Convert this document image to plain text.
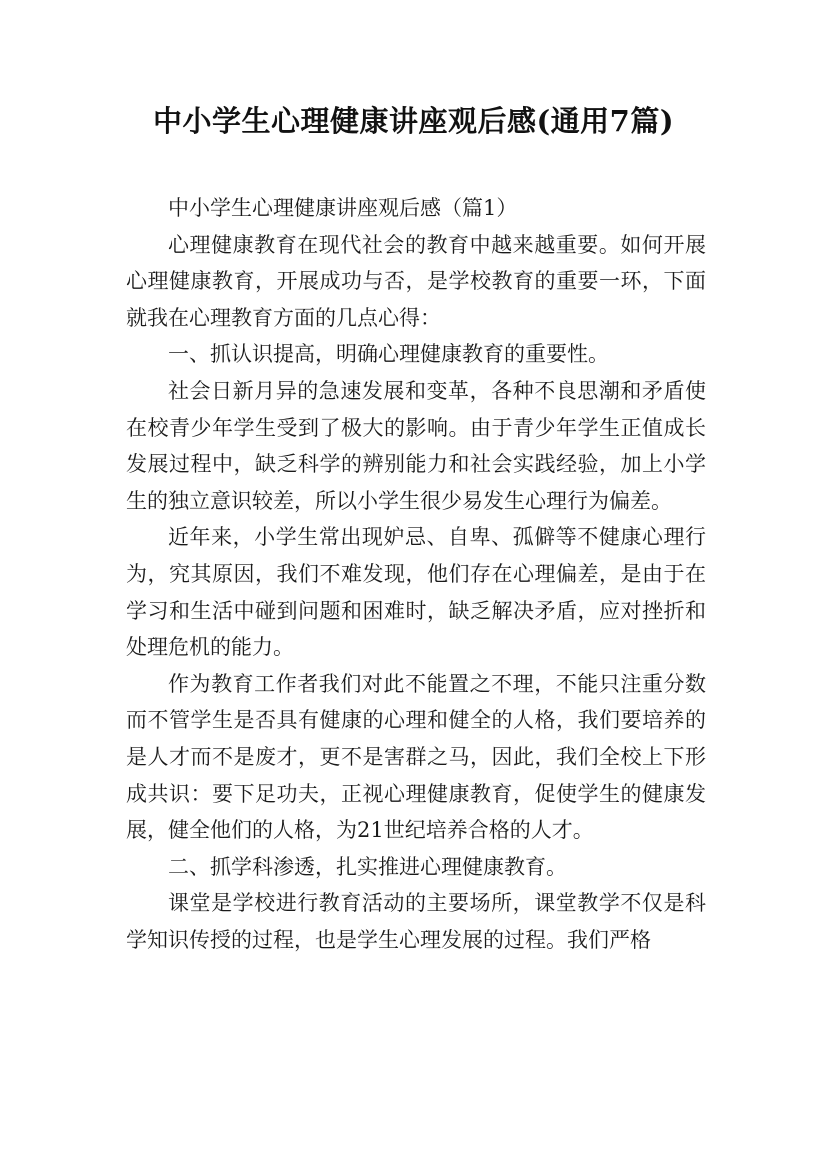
中小学生心理健康讲座观后感(通用7篇)

中小学生心理健康讲座观后感（篇1）

心理健康教育在现代社会的教育中越来越重要。如何开展心理健康教育，开展成功与否，是学校教育的重要一环，下面就我在心理教育方面的几点心得：

一、抓认识提高，明确心理健康教育的重要性。

社会日新月异的急速发展和变革，各种不良思潮和矛盾使在校青少年学生受到了极大的影响。由于青少年学生正值成长发展过程中，缺乏科学的辨别能力和社会实践经验，加上小学生的独立意识较差，所以小学生很少易发生心理行为偏差。

近年来，小学生常出现妒忌、自卑、孤僻等不健康心理行为，究其原因，我们不难发现，他们存在心理偏差，是由于在学习和生活中碰到问题和困难时，缺乏解决矛盾，应对挫折和处理危机的能力。

作为教育工作者我们对此不能置之不理，不能只注重分数而不管学生是否具有健康的心理和健全的人格，我们要培养的是人才而不是废才，更不是害群之马，因此，我们全校上下形成共识：要下足功夫，正视心理健康教育，促使学生的健康发展，健全他们的人格，为21世纪培养合格的人才。

二、抓学科渗透，扎实推进心理健康教育。

课堂是学校进行教育活动的主要场所，课堂教学不仅是科学知识传授的过程，也是学生心理发展的过程。我们严格
